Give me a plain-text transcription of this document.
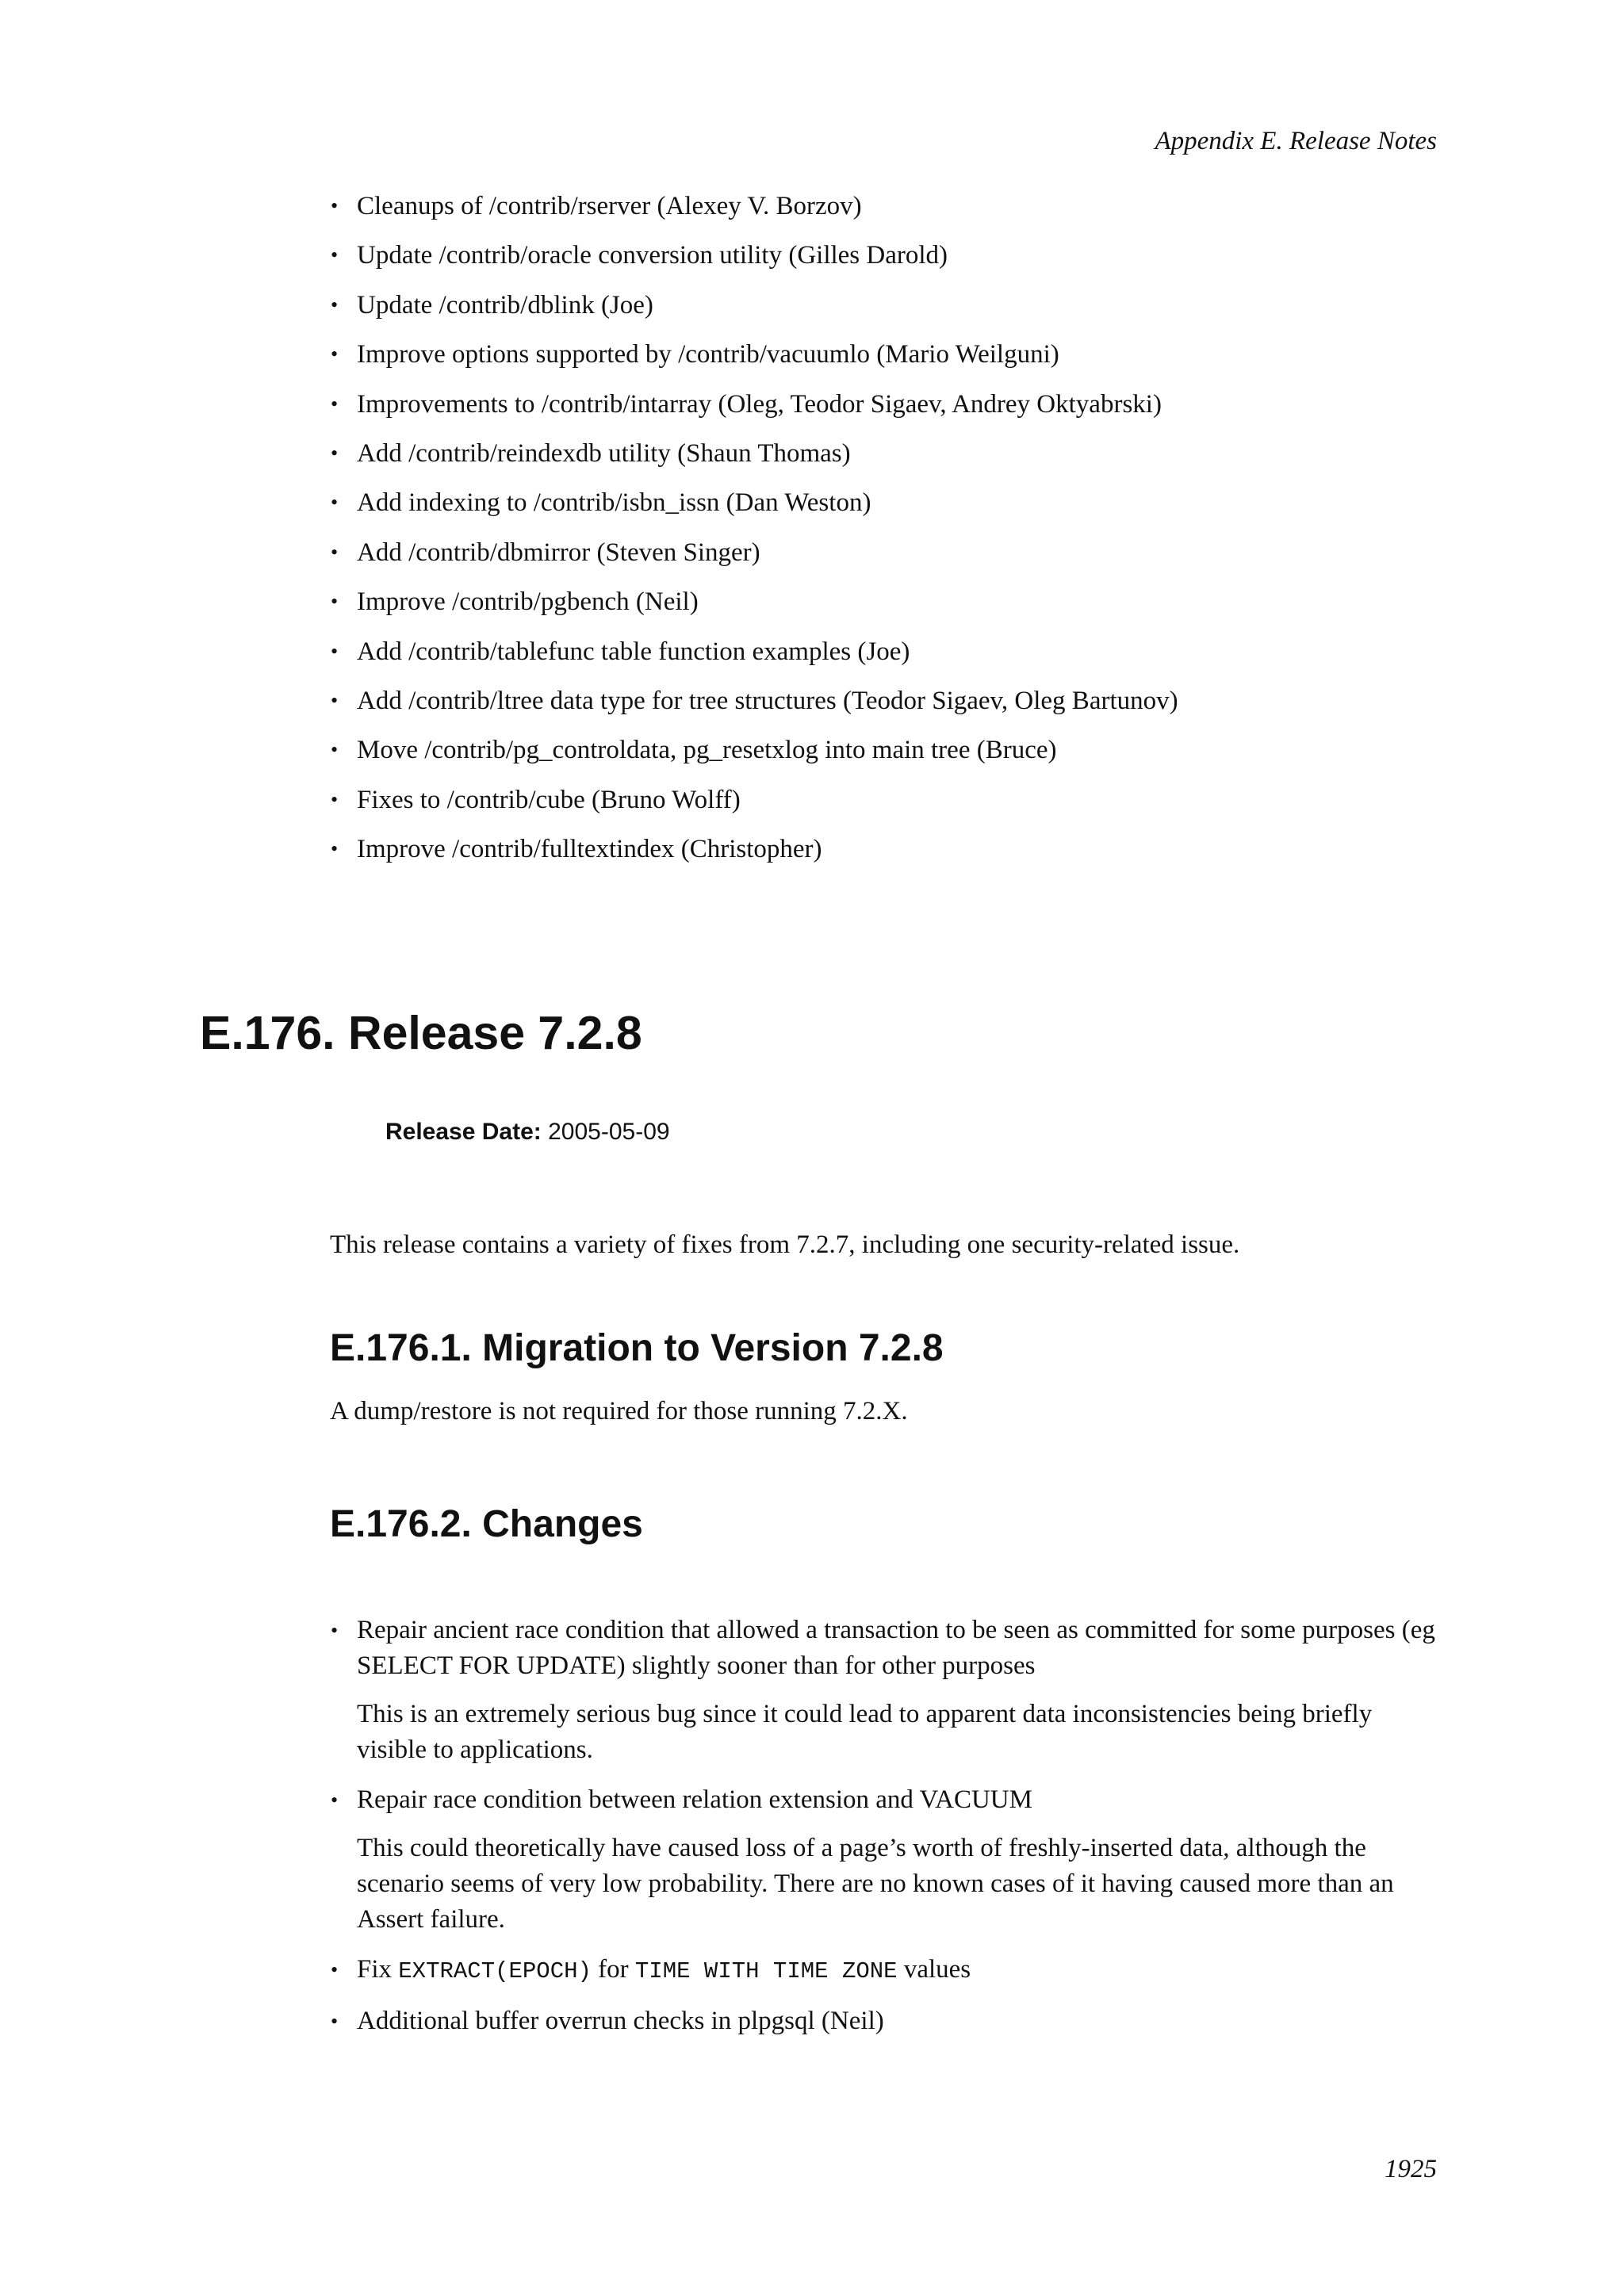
Appendix E. Release Notes
• Cleanups of /contrib/rserver (Alexey V. Borzov)
• Update /contrib/oracle conversion utility (Gilles Darold)
• Update /contrib/dblink (Joe)
• Improve options supported by /contrib/vacuumlo (Mario Weilguni)
• Improvements to /contrib/intarray (Oleg, Teodor Sigaev, Andrey Oktyabrski)
• Add /contrib/reindexdb utility (Shaun Thomas)
• Add indexing to /contrib/isbn_issn (Dan Weston)
• Add /contrib/dbmirror (Steven Singer)
• Improve /contrib/pgbench (Neil)
• Add /contrib/tablefunc table function examples (Joe)
• Add /contrib/ltree data type for tree structures (Teodor Sigaev, Oleg Bartunov)
• Move /contrib/pg_controldata, pg_resetxlog into main tree (Bruce)
• Fixes to /contrib/cube (Bruno Wolff)
• Improve /contrib/fulltextindex (Christopher)
E.176. Release 7.2.8
Release Date: 2005-05-09

This release contains a variety of fixes from 7.2.7, including one security-related issue.

E.176.1. Migration to Version 7.2.8

A dump/restore is not required for those running 7.2.X.

E.176.2. Changes
• Repair ancient race condition that allowed a transaction to be seen as committed for some purposes (eg SELECT FOR UPDATE) slightly sooner than for other purposes

This is an extremely serious bug since it could lead to apparent data inconsistencies being briefly visible to applications.

• Repair race condition between relation extension and VACUUM

This could theoretically have caused loss of a page’s worth of freshly-inserted data, although the scenario seems of very low probability. There are no known cases of it having caused more than an Assert failure.

• Fix EXTRACT(EPOCH) for TIME WITH TIME ZONE values

• Additional buffer overrun checks in plpgsql (Neil)

1925
